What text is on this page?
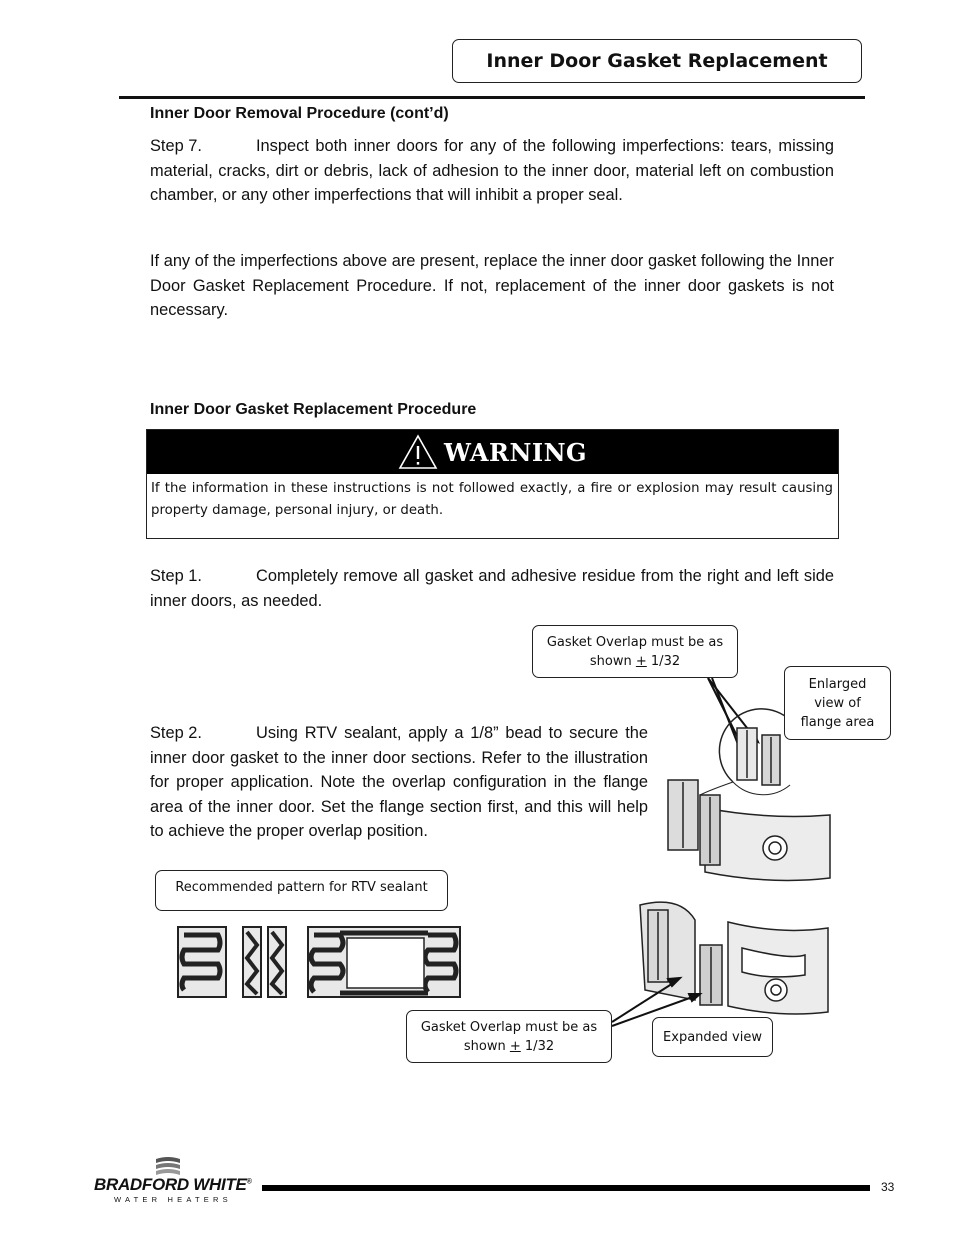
Inner Door Gasket Replacement
Inner Door Removal Procedure (cont’d)
Step 7.	Inspect both inner doors for any of the following imperfections: tears, missing material, cracks, dirt or debris, lack of adhesion to the inner door, material left on combustion chamber, or any other imperfections that will inhibit a proper seal.
If any of the imperfections above are present, replace the inner door gasket following the Inner Door Gasket Replacement Procedure. If not, replacement of the inner door gaskets is not necessary.
Inner Door Gasket Replacement Procedure
WARNING
If the information in these instructions is not followed exactly, a fire or explosion may result causing property damage, personal injury, or death.
Step 1.	Completely remove all gasket and adhesive residue from the right and left side inner doors, as needed.
Step 2.	Using RTV sealant, apply a 1/8” bead to secure the inner door gasket to the inner door sections. Refer to the illustration for proper application. Note the overlap configuration in the flange area of the inner door. Set the flange section first, and this will help to achieve the proper overlap position.
Gasket Overlap must be as
shown + 1/32
Enlarged
view of
flange area
Recommended pattern for RTV sealant
Gasket Overlap must be as
shown + 1/32
Expanded view
BRADFORD WHITE®
WATER HEATERS
33
